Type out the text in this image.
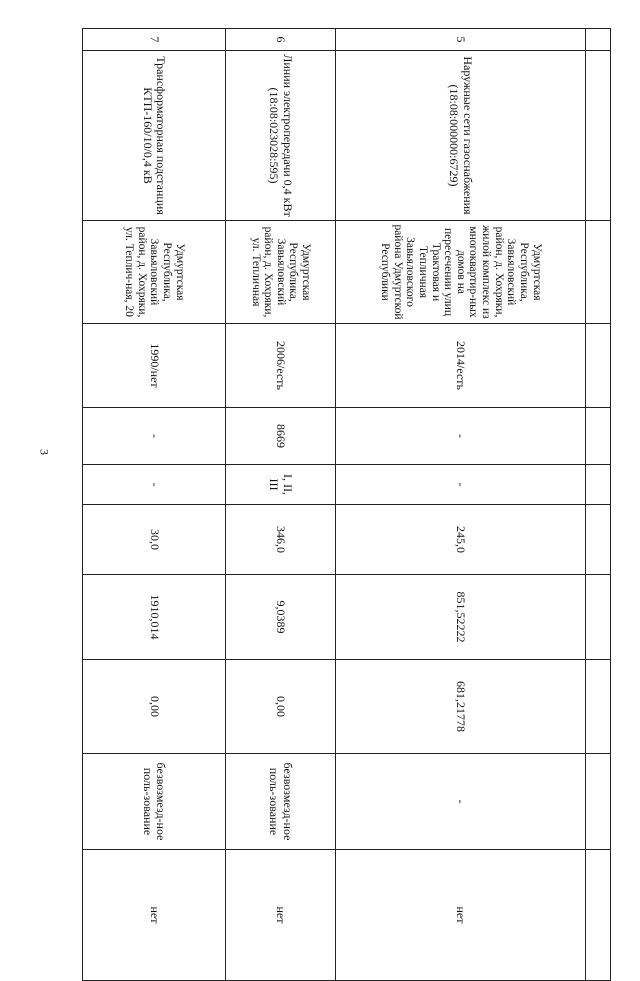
3

5	Наружные сети газоснабжения (18:08:000000:6729)	Удмуртская Республика, Завьяловский район, д. Хохряки, жилой комплекс из многоквартир-ных домов на пересечении улиц Трактовая и Тепличная Завьяловского района Удмуртской Республики	2014/есть	-	-	245,0	851,52222	681,21778	-	нет
6	Линии электропередачи 0,4 кВт (18:08:023028:595)	Удмуртская Республика, Завьяловский район, д. Хохряки, ул. Тепличная	2006/есть	8669	I, II, III	346,0	9,0389	0,00	безвозмезд-ное поль-зование	нет
7	Трансформаторная подстанция КТП-160/10/0,4 кВ	Удмуртская Республика, Завьяловский район, д. Хохряки, ул. Теплич-ная, 20	1990/нет	-	-	30,0	1910,014	0,00	безвозмезд-ное поль-зование	нет
